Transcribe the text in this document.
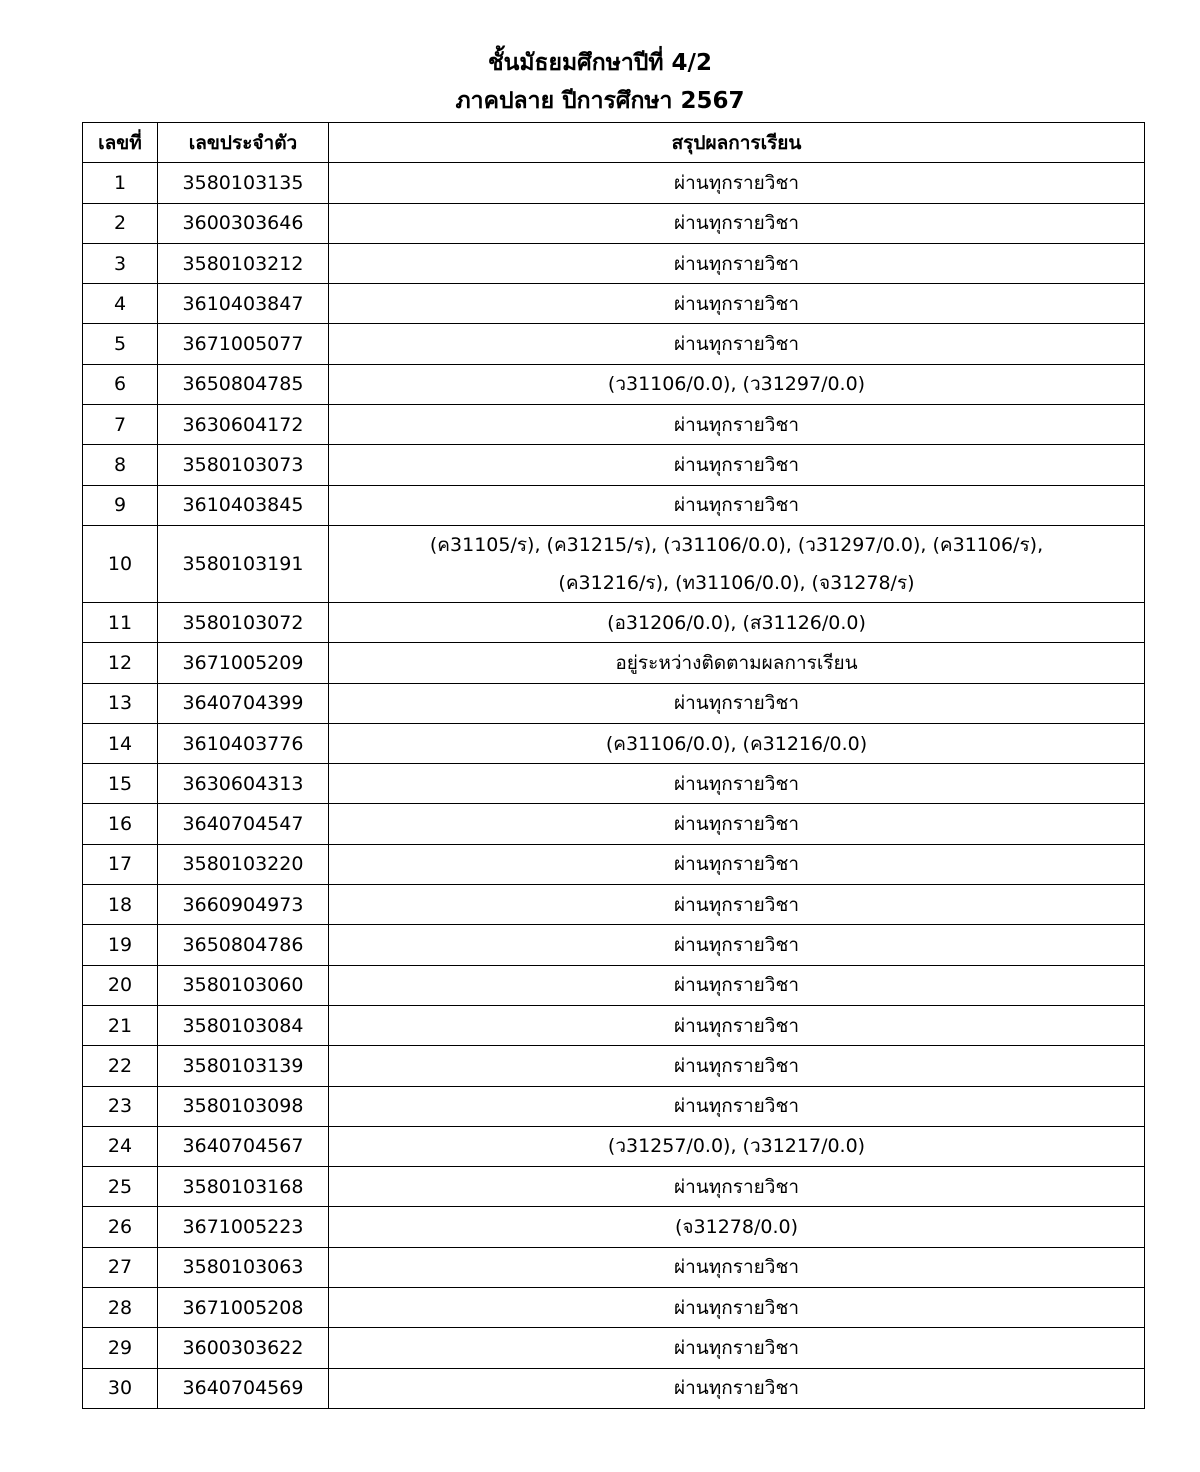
ชั้นมัธยมศึกษาปีที่ 4/2
ภาคปลาย ปีการศึกษา 2567
เลขที่	เลขประจำตัว	สรุปผลการเรียน
1	3580103135	ผ่านทุกรายวิชา
2	3600303646	ผ่านทุกรายวิชา
3	3580103212	ผ่านทุกรายวิชา
4	3610403847	ผ่านทุกรายวิชา
5	3671005077	ผ่านทุกรายวิชา
6	3650804785	(ว31106/0.0), (ว31297/0.0)
7	3630604172	ผ่านทุกรายวิชา
8	3580103073	ผ่านทุกรายวิชา
9	3610403845	ผ่านทุกรายวิชา
10	3580103191	(ค31105/ร), (ค31215/ร), (ว31106/0.0), (ว31297/0.0), (ค31106/ร),
(ค31216/ร), (ท31106/0.0), (จ31278/ร)
11	3580103072	(อ31206/0.0), (ส31126/0.0)
12	3671005209	อยู่ระหว่างติดตามผลการเรียน
13	3640704399	ผ่านทุกรายวิชา
14	3610403776	(ค31106/0.0), (ค31216/0.0)
15	3630604313	ผ่านทุกรายวิชา
16	3640704547	ผ่านทุกรายวิชา
17	3580103220	ผ่านทุกรายวิชา
18	3660904973	ผ่านทุกรายวิชา
19	3650804786	ผ่านทุกรายวิชา
20	3580103060	ผ่านทุกรายวิชา
21	3580103084	ผ่านทุกรายวิชา
22	3580103139	ผ่านทุกรายวิชา
23	3580103098	ผ่านทุกรายวิชา
24	3640704567	(ว31257/0.0), (ว31217/0.0)
25	3580103168	ผ่านทุกรายวิชา
26	3671005223	(จ31278/0.0)
27	3580103063	ผ่านทุกรายวิชา
28	3671005208	ผ่านทุกรายวิชา
29	3600303622	ผ่านทุกรายวิชา
30	3640704569	ผ่านทุกรายวิชา
